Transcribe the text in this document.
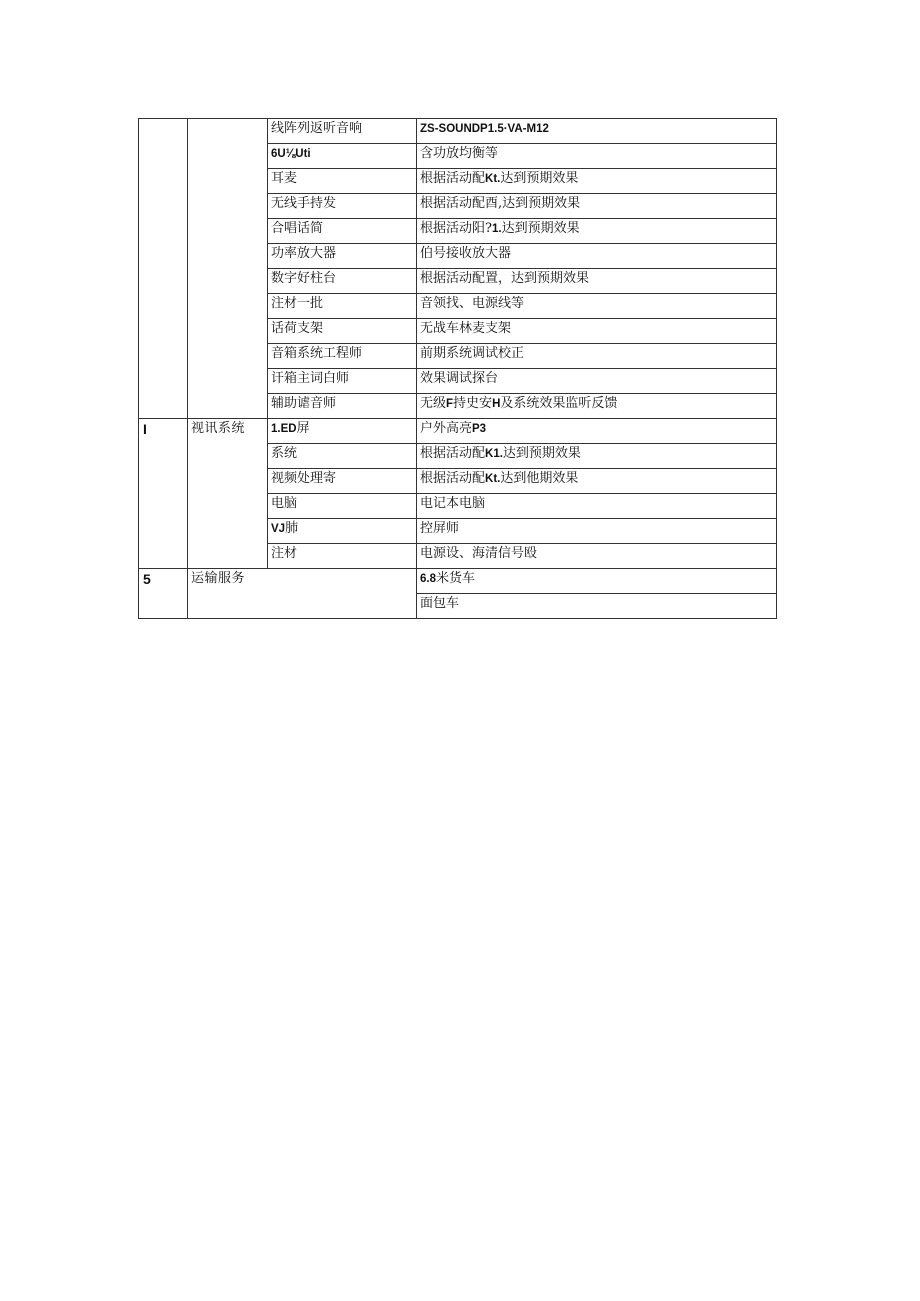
		线阵列返听音响	ZS-SOUNDP1.5·VA-M12
		6U⅛Uti	含功放均衡等
		耳麦	根据活动配Kt.达到预期效果
		无线手持发	根据活动配酉,达到预期效果
		合唱话简	根据活动阳?1.达到预期效果
		功率放大器	伯号接收放大器
		数字好柱台	根据活动配置，达到预期效果
		注材一批	音领找、电源线等
		话荷支架	无战车林麦支架
		音箱系统工程师	前期系统调试校正
		讦箱主词白师	效果调试探台
		辅助谑音师	无级F持史安H及系统效果监听反馈
I	视讯系统	1.ED屏	户外高亮P3
		系统	根据活动配K1.达到预期效果
		视频处理寄	根据活动配Kt.达到他期效果
		电脑	电记本电脑
		VJ肺	控屏师
		注材	电源设、海清信号殴
5	运输服务		6.8米货车
			面包车
